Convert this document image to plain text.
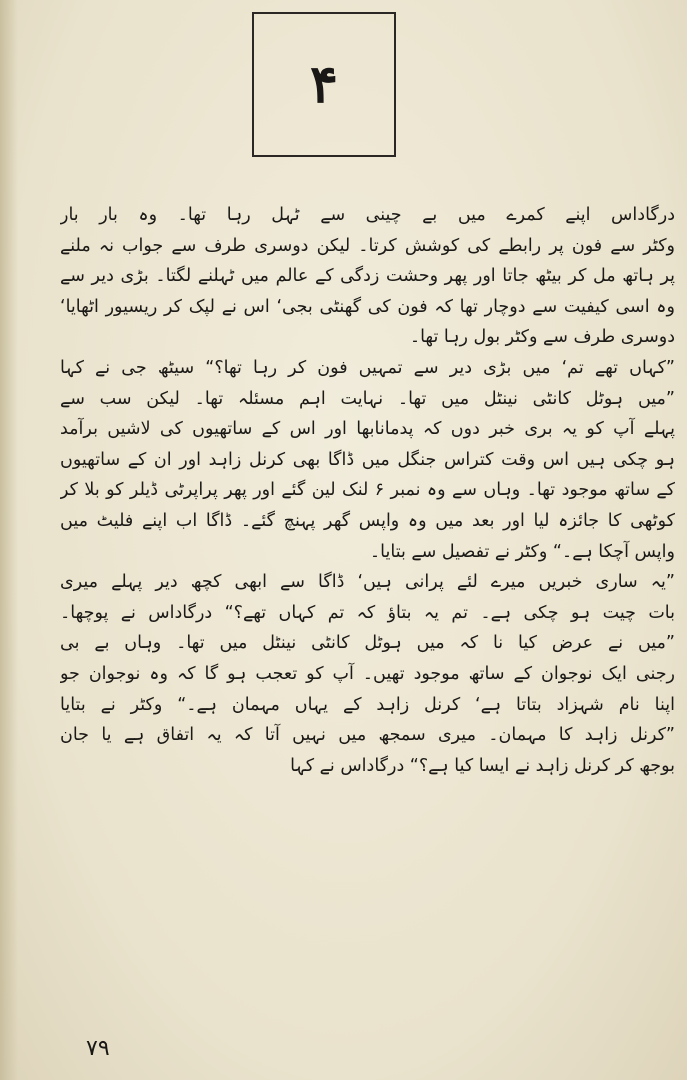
۴
درگاداس اپنے کمرے میں بے چینی سے ٹہل رہا تھا۔ وہ بار بار
وکٹر سے فون پر رابطے کی کوشش کرتا۔ لیکن دوسری طرف سے جواب نہ ملنے
پر ہاتھ مل کر بیٹھ جاتا اور پھر وحشت زدگی کے عالم میں ٹہلنے لگتا۔ بڑی دیر سے
وہ اسی کیفیت سے دوچار تھا کہ فون کی گھنٹی بجی‘ اس نے لپک کر ریسیور اٹھایا‘
دوسری طرف سے وکٹر بول رہا تھا۔
”کہاں تھے تم‘ میں بڑی دیر سے تمہیں فون کر رہا تھا؟“ سیٹھ جی نے کہا
”میں ہوٹل کانٹی نینٹل میں تھا۔ نہایت اہم مسئلہ تھا۔ لیکن سب سے
پہلے آپ کو یہ بری خبر دوں کہ پدمانابھا اور اس کے ساتھیوں کی لاشیں برآمد
ہو چکی ہیں اس وقت کتراس جنگل میں ڈاگا بھی کرنل زاہد اور ان کے ساتھیوں
کے ساتھ موجود تھا۔ وہاں سے وہ نمبر ۶ لنک لین گئے اور پھر پراپرٹی ڈیلر کو بلا کر
کوٹھی کا جائزہ لیا اور بعد میں وہ واپس گھر پہنچ گئے۔ ڈاگا اب اپنے فلیٹ میں
واپس آچکا ہے۔“ وکٹر نے تفصیل سے بتایا۔
”یہ ساری خبریں میرے لئے پرانی ہیں‘ ڈاگا سے ابھی کچھ دیر پہلے میری
بات چیت ہو چکی ہے۔ تم یہ بتاؤ کہ تم کہاں تھے؟“ درگاداس نے پوچھا۔
”میں نے عرض کیا نا کہ میں ہوٹل کانٹی نینٹل میں تھا۔ وہاں بے بی
رجنی ایک نوجوان کے ساتھ موجود تھیں۔ آپ کو تعجب ہو گا کہ وہ نوجوان جو
اپنا نام شہزاد بتاتا ہے‘ کرنل زاہد کے یہاں مہمان ہے۔“ وکٹر نے بتایا
”کرنل زاہد کا مہمان۔ میری سمجھ میں نہیں آتا کہ یہ اتفاق ہے یا جان
بوجھ کر کرنل زاہد نے ایسا کیا ہے؟“ درگاداس نے کہا
۷۹
